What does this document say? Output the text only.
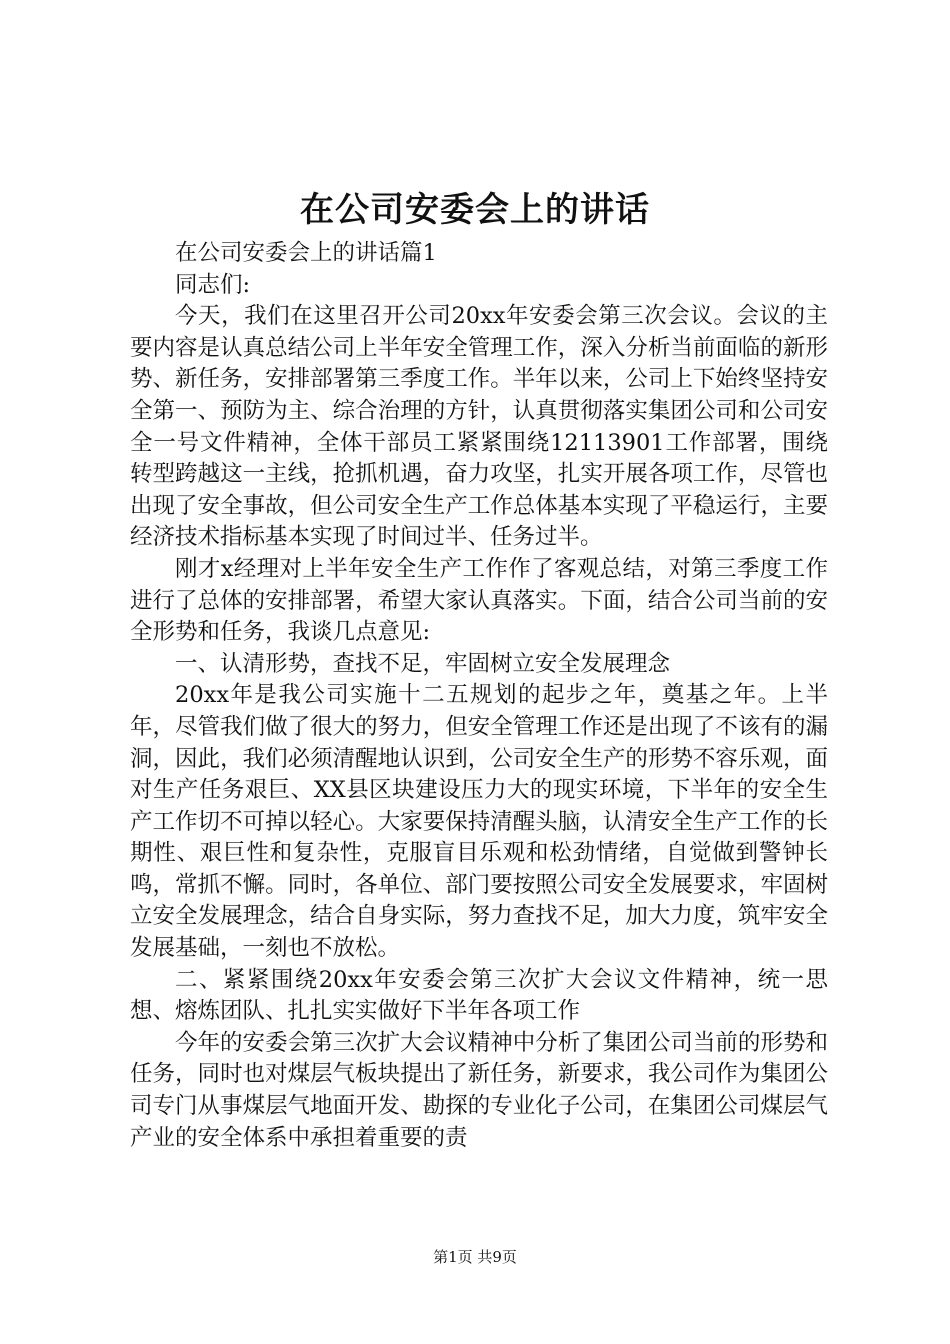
在公司安委会上的讲话

在公司安委会上的讲话篇1

同志们:

今天，我们在这里召开公司20xx年安委会第三次会议。会议的主要内容是认真总结公司上半年安全管理工作，深入分析当前面临的新形势、新任务，安排部署第三季度工作。半年以来，公司上下始终坚持安全第一、预防为主、综合治理的方针，认真贯彻落实集团公司和公司安全一号文件精神，全体干部员工紧紧围绕12113901工作部署，围绕转型跨越这一主线，抢抓机遇，奋力攻坚，扎实开展各项工作，尽管也出现了安全事故，但公司安全生产工作总体基本实现了平稳运行，主要经济技术指标基本实现了时间过半、任务过半。

刚才x经理对上半年安全生产工作作了客观总结，对第三季度工作进行了总体的安排部署，希望大家认真落实。下面，结合公司当前的安全形势和任务，我谈几点意见:

一、认清形势，查找不足，牢固树立安全发展理念

20xx年是我公司实施十二五规划的起步之年，奠基之年。上半年，尽管我们做了很大的努力，但安全管理工作还是出现了不该有的漏洞，因此，我们必须清醒地认识到，公司安全生产的形势不容乐观，面对生产任务艰巨、XX县区块建设压力大的现实环境，下半年的安全生产工作切不可掉以轻心。大家要保持清醒头脑，认清安全生产工作的长期性、艰巨性和复杂性，克服盲目乐观和松劲情绪，自觉做到警钟长鸣，常抓不懈。同时，各单位、部门要按照公司安全发展要求，牢固树立安全发展理念，结合自身实际，努力查找不足，加大力度，筑牢安全发展基础，一刻也不放松。

二、紧紧围绕20xx年安委会第三次扩大会议文件精神，统一思想、熔炼团队、扎扎实实做好下半年各项工作

今年的安委会第三次扩大会议精神中分析了集团公司当前的形势和任务，同时也对煤层气板块提出了新任务，新要求，我公司作为集团公司专门从事煤层气地面开发、勘探的专业化子公司，在集团公司煤层气产业的安全体系中承担着重要的责

第1页 共9页
